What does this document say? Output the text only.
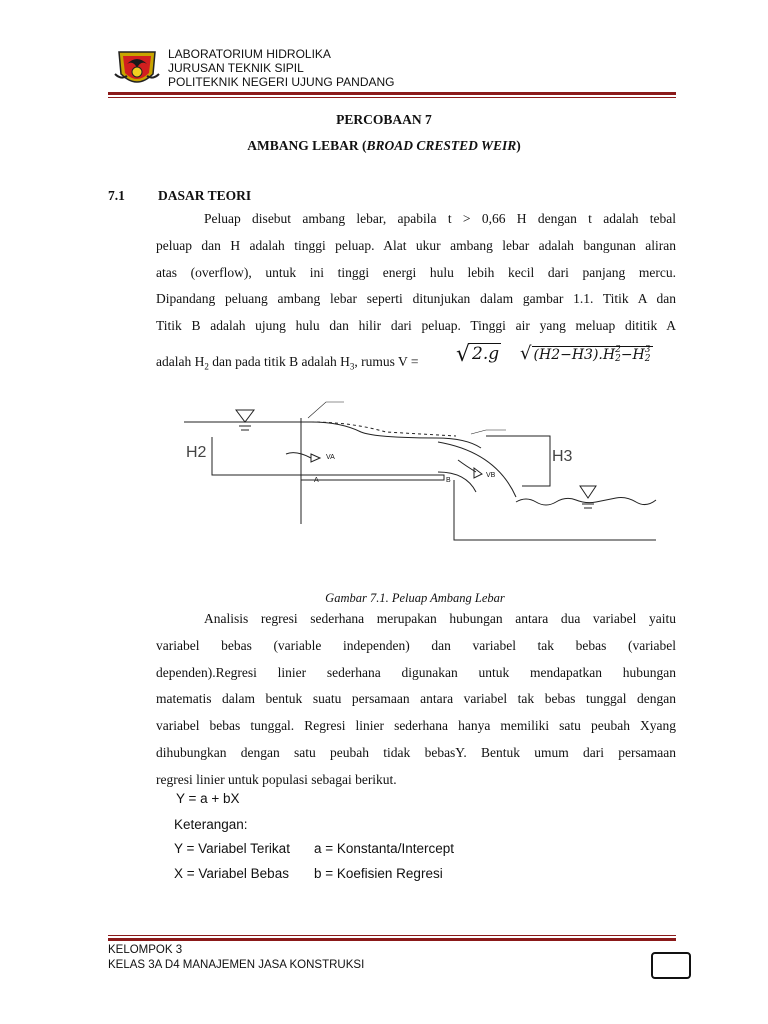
LABORATORIUM HIDROLIKA
JURUSAN TEKNIK SIPIL
POLITEKNIK NEGERI UJUNG PANDANG
PERCOBAAN 7
AMBANG LEBAR (BROAD CRESTED WEIR)
7.1 DASAR TEORI
Peluap disebut ambang lebar, apabila t > 0,66 H dengan t adalah tebal
peluap dan H adalah tinggi peluap. Alat ukur ambang lebar adalah bangunan aliran
atas (overflow), untuk ini tinggi energi hulu lebih kecil dari panjang mercu.
Dipandang peluang ambang lebar seperti ditunjukan dalam gambar 1.1. Titik A dan
Titik B adalah ujung hulu dan hilir dari peluap. Tinggi air yang meluap dititik A
adalah $H_2$ dan pada titik B adalah $H_3$, rumus V = √ 2.g √ (H2−H3).H 2
2 −H 3
2
H2	H3
VA
VB
A	B
Gambar 7.1. Peluap Ambang Lebar
Analisis regresi sederhana merupakan hubungan antara dua variabel yaitu
variabel bebas (variable independen) dan variabel tak bebas (variabel
dependen).Regresi linier sederhana digunakan untuk mendapatkan hubungan
matematis dalam bentuk suatu persamaan antara variabel tak bebas tunggal dengan
variabel bebas tunggal. Regresi linier sederhana hanya memiliki satu peubah Xyang
dihubungkan dengan satu peubah tidak bebasY. Bentuk umum dari persamaan
regresi linier untuk populasi sebagai berikut.
Y = a + bX
Keterangan:
Y = Variabel Terikat a = Konstanta/Intercept
X = Variabel Bebas b = Koefisien Regresi
KELOMPOK 3
KELAS 3A D4 MANAJEMEN JASA KONSTRUKSI
